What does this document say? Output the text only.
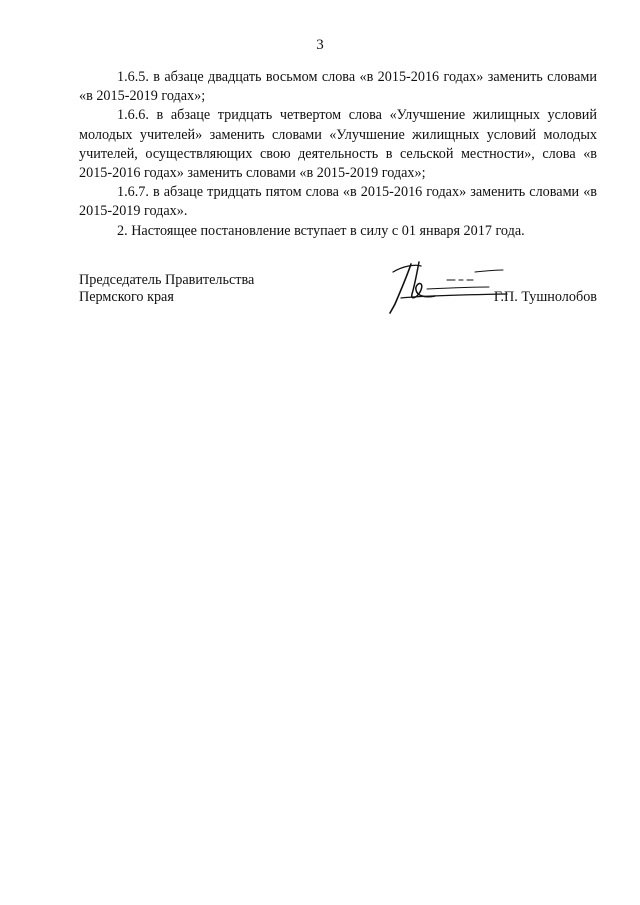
3

1.6.5. в абзаце двадцать восьмом слова «в 2015-2016 годах» заменить словами «в 2015-2019 годах»;

1.6.6. в абзаце тридцать четвертом слова «Улучшение жилищных условий молодых учителей» заменить словами «Улучшение жилищных условий молодых учителей, осуществляющих свою деятельность в сельской местности», слова «в 2015-2016 годах» заменить словами «в 2015-2019 годах»;

1.6.7. в абзаце тридцать пятом слова «в 2015-2016 годах» заменить словами «в 2015-2019 годах».

2. Настоящее постановление вступает в силу с 01 января 2017 года.

Председатель Правительства
Пермского края	Г.П. Тушнолобов
